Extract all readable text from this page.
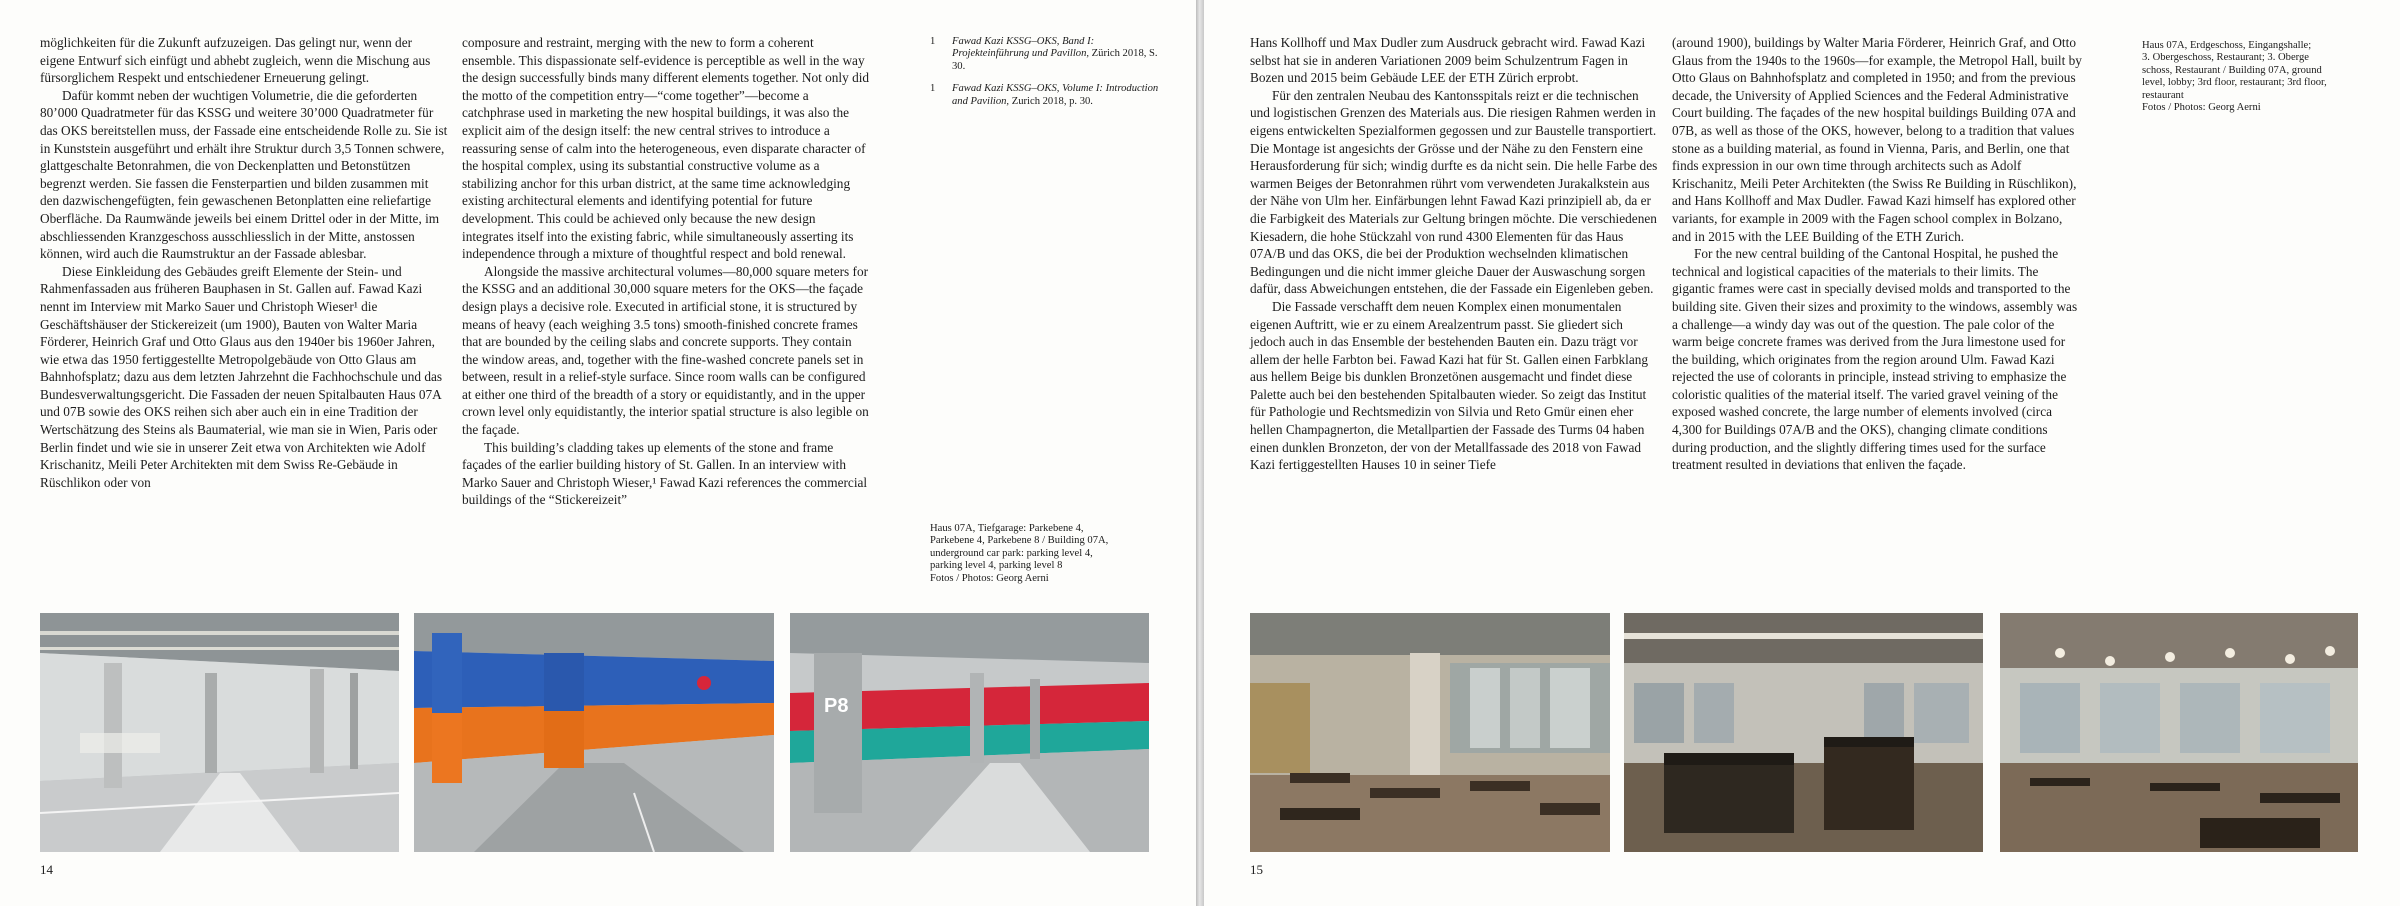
möglichkeiten für die Zukunft aufzuzeigen. Das gelingt nur, wenn der eigene Entwurf sich einfügt und abhebt zugleich, wenn die Mischung aus fürsorglichem Respekt und entschiedener Erneuerung gelingt.

Dafür kommt neben der wuchtigen Volumetrie, die die geforderten 80’000 Quadratmeter für das KSSG und weitere 30’000 Quadratmeter für das OKS bereitstellen muss, der Fassade eine entscheidende Rolle zu. Sie ist in Kunststein ausgeführt und erhält ihre Struktur durch 3,5 Tonnen schwere, glattgeschalte Betonrahmen, die von Deckenplatten und Betonstützen begrenzt werden. Sie fassen die Fensterpartien und bilden zusammen mit den dazwischengefügten, fein gewaschenen Betonplatten eine reliefartige Oberfläche. Da Raumwände jeweils bei einem Drittel oder in der Mitte, im abschliessenden Kranzgeschoss ausschliesslich in der Mitte, anstossen können, wird auch die Raumstruktur an der Fassade ablesbar.

Diese Einkleidung des Gebäudes greift Elemente der Stein- und Rahmenfassaden aus früheren Bauphasen in St. Gallen auf. Fawad Kazi nennt im Interview mit Marko Sauer und Christoph Wieser¹ die Geschäftshäuser der Stickereizeit (um 1900), Bauten von Walter Maria Förderer, Heinrich Graf und Otto Glaus aus den 1940er bis 1960er Jahren, wie etwa das 1950 fertiggestellte Metropolgebäude von Otto Glaus am Bahnhofsplatz; dazu aus dem letzten Jahrzehnt die Fachhochschule und das Bundesverwaltungsgericht. Die Fassaden der neuen Spitalbauten Haus 07A und 07B sowie des OKS reihen sich aber auch ein in eine Tradition der Wertschätzung des Steins als Baumaterial, wie man sie in Wien, Paris oder Berlin findet und wie sie in unserer Zeit etwa von Architekten wie Adolf Krischanitz, Meili Peter Architekten mit dem Swiss Re-Gebäude in Rüschlikon oder von

composure and restraint, merging with the new to form a coherent ensemble. This dispassionate self-evidence is perceptible as well in the way the design successfully binds many different elements together. Not only did the motto of the competition entry—“come together”—become a catchphrase used in marketing the new hospital buildings, it was also the explicit aim of the design itself: the new central strives to introduce a reassuring sense of calm into the heterogeneous, even disparate character of the hospital complex, using its substantial constructive volume as a stabilizing anchor for this urban district, at the same time acknowledging existing architectural elements and identifying potential for future development. This could be achieved only because the new design integrates itself into the existing fabric, while simultaneously asserting its independence through a mixture of thoughtful respect and bold renewal.

Alongside the massive architectural volumes—80,000 square meters for the KSSG and an additional 30,000 square meters for the OKS—the façade design plays a decisive role. Executed in artificial stone, it is structured by means of heavy (each weighing 3.5 tons) smooth-finished concrete frames that are bounded by the ceiling slabs and concrete supports. They contain the window areas, and, together with the fine-washed concrete panels set in between, result in a relief-style surface. Since room walls can be configured at either one third of the breadth of a story or equidistantly, and in the upper crown level only equidistantly, the interior spatial structure is also legible on the façade.

This building’s cladding takes up elements of the stone and frame façades of the earlier building history of St. Gallen. In an interview with Marko Sauer and Christoph Wieser,¹ Fawad Kazi references the commercial buildings of the “Stickereizeit”

1	Fawad Kazi KSSG–OKS, Band I: Projekteinführung und Pavillon, Zürich 2018, S. 30.
1	Fawad Kazi KSSG–OKS, Volume I: Introduction and Pavilion, Zurich 2018, p. 30.
Haus 07A, Tiefgarage: Parkebene 4,
Parkebene 4, Parkebene 8 / Building 07A,
underground car park: parking level 4,
parking level 4, parking level 8
Fotos / Photos: Georg Aerni
P8
14

Hans Kollhoff und Max Dudler zum Ausdruck gebracht wird. Fawad Kazi selbst hat sie in anderen Variationen 2009 beim Schulzentrum Fagen in Bozen und 2015 beim Gebäude LEE der ETH Zürich erprobt.

Für den zentralen Neubau des Kantonsspitals reizt er die technischen und logistischen Grenzen des Materials aus. Die riesigen Rahmen werden in eigens entwickelten Spezialformen gegossen und zur Baustelle transportiert. Die Montage ist angesichts der Grösse und der Nähe zu den Fenstern eine Herausforderung für sich; windig durfte es da nicht sein. Die helle Farbe des warmen Beiges der Betonrahmen rührt vom verwendeten Jurakalkstein aus der Nähe von Ulm her. Einfärbungen lehnt Fawad Kazi prinzipiell ab, da er die Farbigkeit des Materials zur Geltung bringen möchte. Die verschiedenen Kiesadern, die hohe Stückzahl von rund 4300 Elementen für das Haus 07A/B und das OKS, die bei der Produktion wechselnden klimatischen Bedingungen und die nicht immer gleiche Dauer der Auswaschung sorgen dafür, dass Abweichungen entstehen, die der Fassade ein Eigenleben geben.

Die Fassade verschafft dem neuen Komplex einen monumentalen eigenen Auftritt, wie er zu einem Arealzentrum passt. Sie gliedert sich jedoch auch in das Ensemble der bestehenden Bauten ein. Dazu trägt vor allem der helle Farbton bei. Fawad Kazi hat für St. Gallen einen Farbklang aus hellem Beige bis dunklen Bronzetönen ausgemacht und findet diese Palette auch bei den bestehenden Spitalbauten wieder. So zeigt das Institut für Pathologie und Rechtsmedizin von Silvia und Reto Gmür einen eher hellen Champagnerton, die Metallpartien der Fassade des Turms 04 haben einen dunklen Bronzeton, der von der Metallfassade des 2018 von Fawad Kazi fertiggestellten Hauses 10 in seiner Tiefe

(around 1900), buildings by Walter Maria Förderer, Heinrich Graf, and Otto Glaus from the 1940s to the 1960s—for example, the Metropol Hall, built by Otto Glaus on Bahnhofsplatz and completed in 1950; and from the previous decade, the University of Applied Sciences and the Federal Administrative Court building. The façades of the new hospital buildings Building 07A and 07B, as well as those of the OKS, however, belong to a tradition that values stone as a building material, as found in Vienna, Paris, and Berlin, one that finds expression in our own time through architects such as Adolf Krischanitz, Meili Peter Architekten (the Swiss Re Building in Rüschlikon), and Hans Kollhoff and Max Dudler. Fawad Kazi himself has explored other variants, for example in 2009 with the Fagen school complex in Bolzano, and in 2015 with the LEE Building of the ETH Zurich.

For the new central building of the Cantonal Hospital, he pushed the technical and logistical capacities of the materials to their limits. The gigantic frames were cast in specially devised molds and transported to the building site. Given their sizes and proximity to the windows, assembly was a challenge—a windy day was out of the question. The pale color of the warm beige concrete frames was derived from the Jura limestone used for the building, which originates from the region around Ulm. Fawad Kazi rejected the use of colorants in principle, instead striving to emphasize the coloristic qualities of the material itself. The varied gravel veining of the exposed washed concrete, the large number of elements involved (circa 4,300 for Buildings 07A/B and the OKS), changing climate conditions during production, and the slightly differing times used for the surface treatment resulted in deviations that enliven the façade.

Haus 07A, Erdgeschoss, Eingangshalle;
3. Obergeschoss, Restaurant; 3. Oberge
schoss, Restaurant / Building 07A, ground
level, lobby; 3rd floor, restaurant; 3rd floor,
restaurant
Fotos / Photos: Georg Aerni
15
